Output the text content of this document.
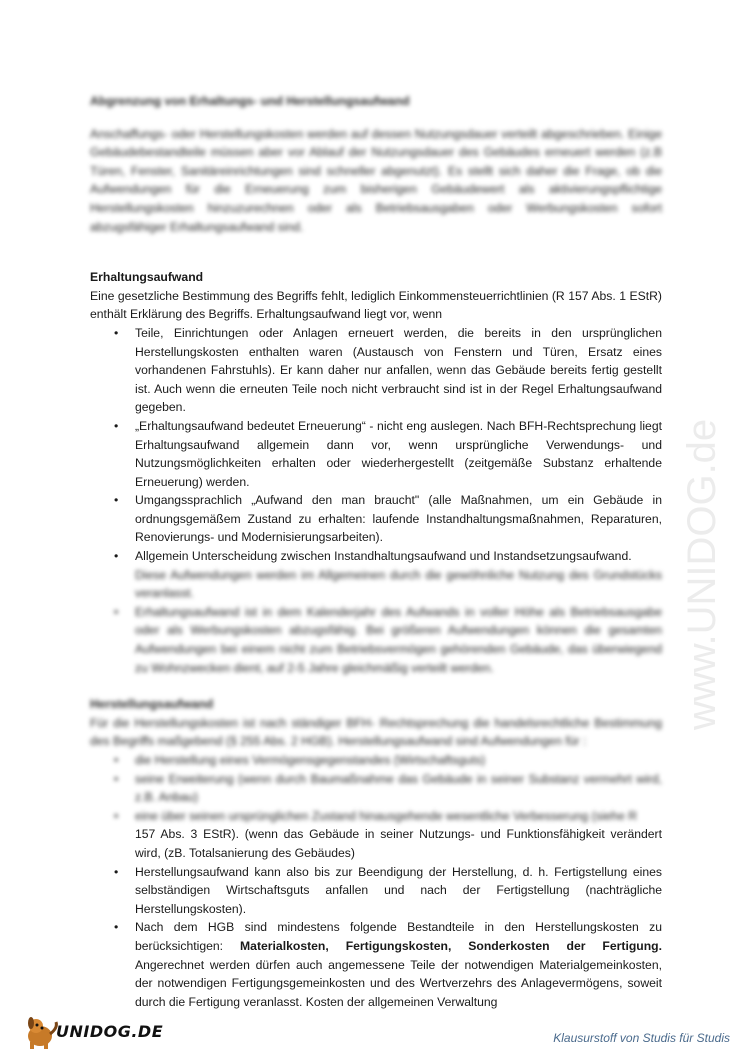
Abgrenzung von Erhaltungs- und Herstellungsaufwand

Anschaffungs- oder Herstellungskosten werden auf dessen Nutzungsdauer verteilt abgeschrieben. Einige Gebäudebestandteile müssen aber vor Ablauf der Nutzungsdauer des Gebäudes erneuert werden (z.B Türen, Fenster, Sanitäreinrichtungen sind schneller abgenutzt). Es stellt sich daher die Frage, ob die Aufwendungen für die Erneuerung zum bisherigen Gebäudewert als aktivierungspflichtige Herstellungskosten hinzuzurechnen oder als Betriebsausgaben oder Werbungskosten sofort abzugsfähiger Erhaltungsaufwand sind.

Erhaltungsaufwand

Eine gesetzliche Bestimmung des Begriffs fehlt, lediglich Einkommensteuerrichtlinien (R 157 Abs. 1 EStR) enthält Erklärung des Begriffs. Erhaltungsaufwand liegt vor, wenn

• Teile, Einrichtungen oder Anlagen erneuert werden, die bereits in den ursprünglichen Herstellungskosten enthalten waren (Austausch von Fenstern und Türen, Ersatz eines vorhandenen Fahrstuhls). Er kann daher nur anfallen, wenn das Gebäude bereits fertig gestellt ist. Auch wenn die erneuten Teile noch nicht verbraucht sind ist in der Regel Erhaltungsaufwand gegeben.
• „Erhaltungsaufwand bedeutet Erneuerung“ - nicht eng auslegen. Nach BFH-Rechtsprechung liegt Erhaltungsaufwand allgemein dann vor, wenn ursprüngliche Verwendungs- und Nutzungsmöglichkeiten erhalten oder wiederhergestellt (zeitgemäße Substanz erhaltende Erneuerung) werden.
• Umgangssprachlich „Aufwand den man braucht" (alle Maßnahmen, um ein Gebäude in ordnungsgemäßem Zustand zu erhalten: laufende Instandhaltungsmaßnahmen, Reparaturen, Renovierungs- und Modernisierungsarbeiten).
• Allgemein Unterscheidung zwischen Instandhaltungsaufwand und Instandsetzungsaufwand.
Diese Aufwendungen werden im Allgemeinen durch die gewöhnliche Nutzung des Grundstücks veranlasst.
• Erhaltungsaufwand ist in dem Kalenderjahr des Aufwands in voller Höhe als Betriebsausgabe oder als Werbungskosten abzugsfähig. Bei größeren Aufwendungen können die gesamten Aufwendungen bei einem nicht zum Betriebsvermögen gehörenden Gebäude, das überwiegend zu Wohnzwecken dient, auf 2-5 Jahre gleichmäßig verteilt werden.

Herstellungsaufwand

Für die Herstellungskosten ist nach ständiger BFH- Rechtsprechung die handelsrechtliche Bestimmung des Begriffs maßgebend (§ 255 Abs. 2 HGB). Herstellungsaufwand sind Aufwendungen für :

• die Herstellung eines Vermögensgegenstandes (Wirtschaftsguts)
• seine Erweiterung (wenn durch Baumaßnahme das Gebäude in seiner Substanz vermehrt wird, z.B. Anbau)
• eine über seinen ursprünglichen Zustand hinausgehende wesentliche Verbesserung (siehe R
157 Abs. 3 EStR). (wenn das Gebäude in seiner Nutzungs- und Funktionsfähigkeit verändert wird, (zB. Totalsanierung des Gebäudes)
• Herstellungsaufwand kann also bis zur Beendigung der Herstellung, d. h. Fertigstellung eines selbständigen Wirtschaftsguts anfallen und nach der Fertigstellung (nachträgliche Herstellungskosten).
• Nach dem HGB sind mindestens folgende Bestandteile in den Herstellungskosten zu berücksichtigen: Materialkosten, Fertigungskosten, Sonderkosten der Fertigung. Angerechnet werden dürfen auch angemessene Teile der notwendigen Materialgemeinkosten, der notwendigen Fertigungsgemeinkosten und des Wertverzehrs des Anlagevermögens, soweit durch die Fertigung veranlasst. Kosten der allgemeinen Verwaltung
www.UNIDOG.de
UNIDOG.DE	Klausurstoff von Studis für Studis
